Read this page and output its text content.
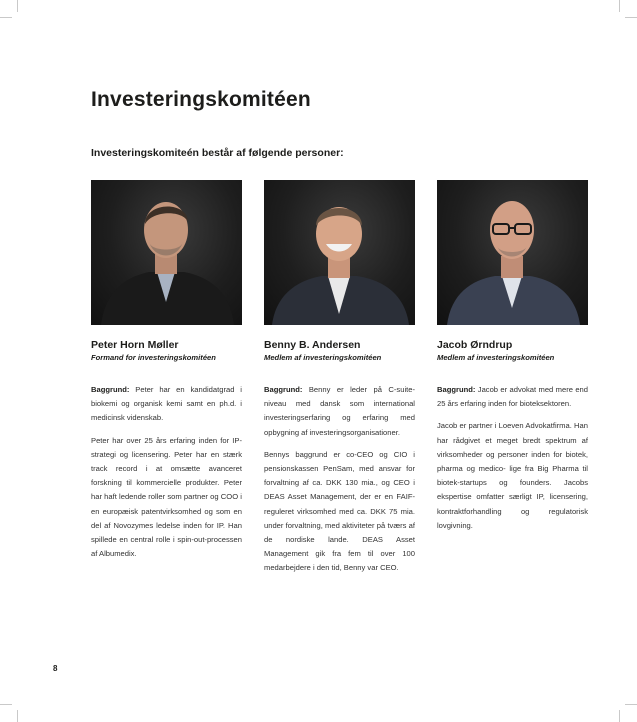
Investeringskomitéen
Investeringskomiteén består af følgende personer:
Peter Horn Møller
Formand for investeringskomitéen

Baggrund: Peter har en kandidatgrad i biokemi og organisk kemi samt en ph.d. i medicinsk videnskab.

Peter har over 25 års erfaring inden for IP-strategi og licensering. Peter har en stærk track record i at omsætte avanceret forskning til kommercielle produkter. Peter har haft ledende roller som partner og COO i en europæisk patentvirksomhed og som en del af Novozymes ledelse inden for IP. Han spillede en central rolle i spin-out-processen af Albumedix.

Benny B. Andersen
Medlem af investeringskomitéen

Baggrund: Benny er leder på C-suite-niveau med dansk som international investeringserfaring og erfaring med opbygning af investeringsorganisationer.

Bennys baggrund er co-CEO og CIO i pensionskassen PenSam, med ansvar for forvaltning af ca. DKK 130 mia., og CEO i DEAS Asset Management, der er en FAIF-reguleret virksomhed med ca. DKK 75 mia. under forvaltning, med aktiviteter på tværs af de nordiske lande. DEAS Asset Management gik fra fem til over 100 medarbejdere i den tid, Benny var CEO.

Jacob Ørndrup
Medlem af investeringskomitéen

Baggrund: Jacob er advokat med mere end 25 års erfaring inden for bioteksektoren.

Jacob er partner i Loeven Advokatfirma. Han har rådgivet et meget bredt spektrum af virksomheder og personer inden for biotek, pharma og medico- lige fra Big Pharma til biotek-startups og founders. Jacobs ekspertise omfatter særligt IP, licensering, kontraktforhandling og regulatorisk lovgivning.

8
